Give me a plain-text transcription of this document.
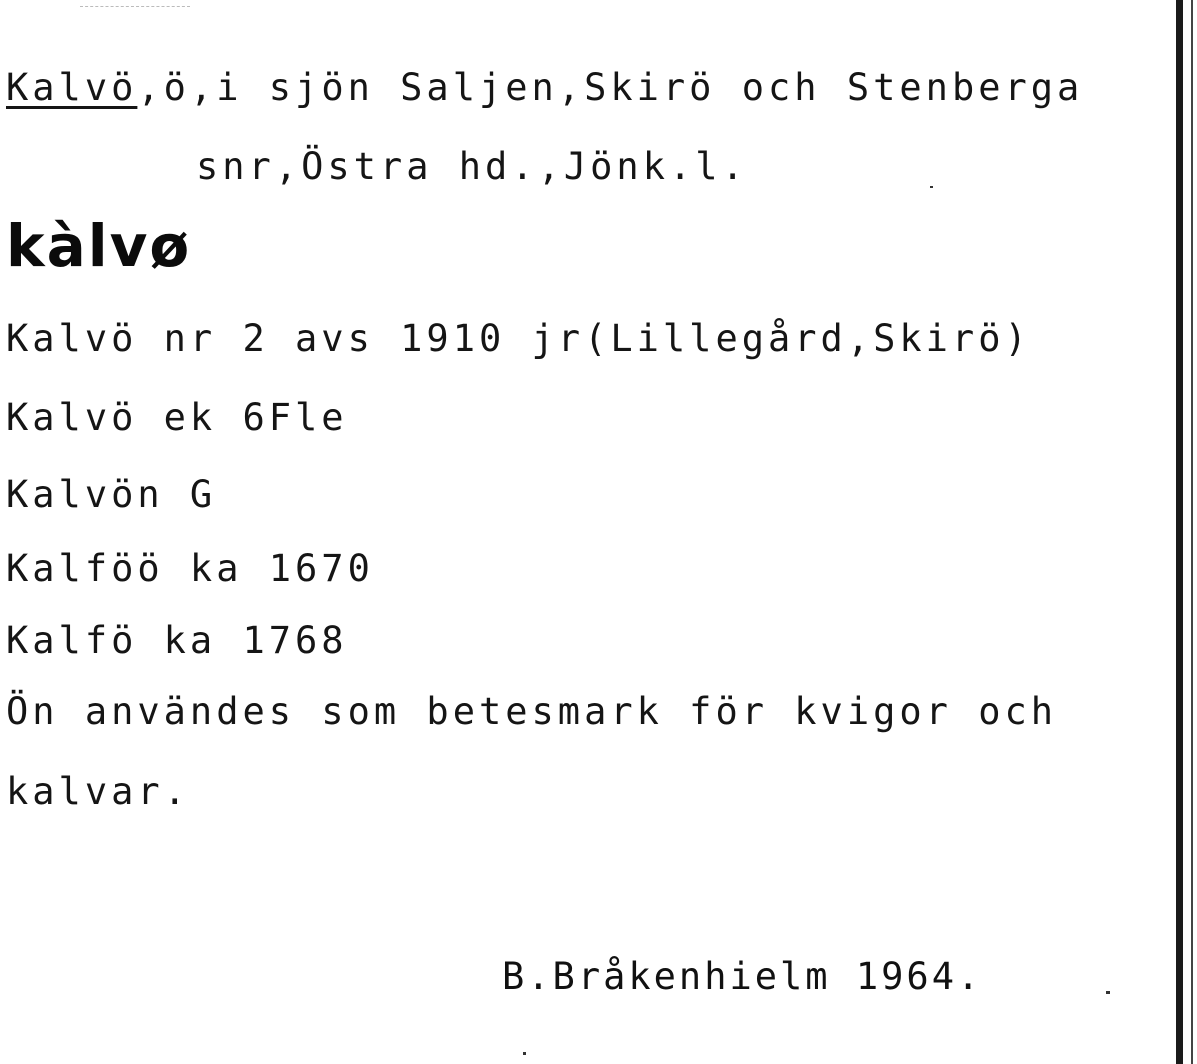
Kalvö,ö,i sjön Saljen,Skirö och Stenberga
snr,Östra hd.,Jönk.l.
kàlvø
Kalvö nr 2 avs 1910 jr(Lillegård,Skirö)
Kalvö ek 6Fle
Kalvön G
Kalföö ka 1670
Kalfö ka 1768
Ön användes som betesmark för kvigor och
kalvar.
B.Bråkenhielm 1964.
